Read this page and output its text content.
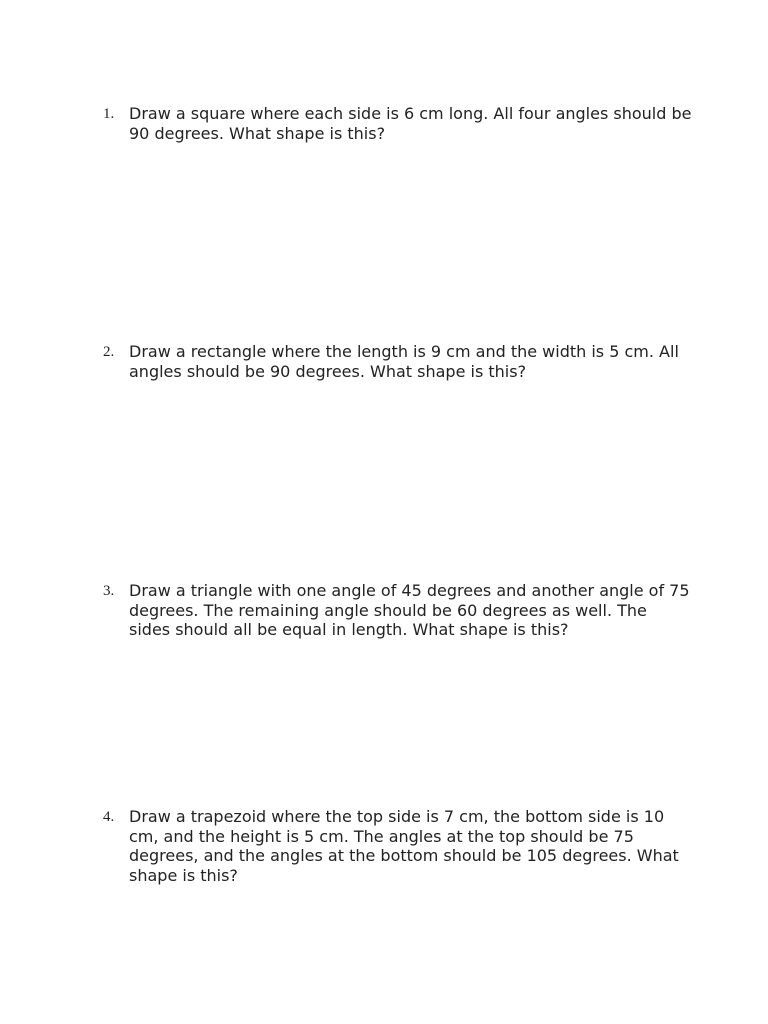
1. Draw a square where each side is 6 cm long. All four angles should be 90 degrees. What shape is this?
2. Draw a rectangle where the length is 9 cm and the width is 5 cm. All angles should be 90 degrees. What shape is this?
3. Draw a triangle with one angle of 45 degrees and another angle of 75 degrees. The remaining angle should be 60 degrees as well. The sides should all be equal in length. What shape is this?
4. Draw a trapezoid where the top side is 7 cm, the bottom side is 10 cm, and the height is 5 cm. The angles at the top should be 75 degrees, and the angles at the bottom should be 105 degrees. What shape is this?
